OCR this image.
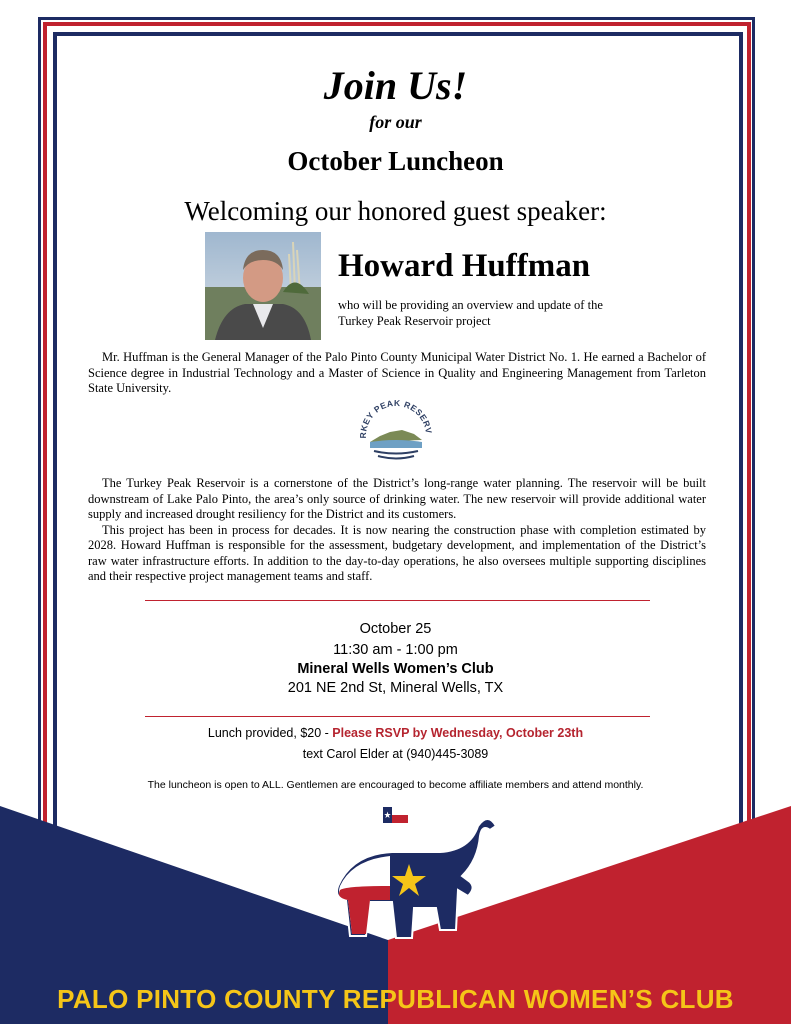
Join Us!
for our
October Luncheon
Welcoming our honored guest speaker:
Howard Huffman
who will be providing an overview and update of the
Turkey Peak Reservoir project

Mr. Huffman is the General Manager of the Palo Pinto County Municipal Water District No. 1. He earned a Bachelor of Science degree in Industrial Technology and a Master of Science in Quality and Engineering Management from Tarleton State University.

RKEY PEAK RESERV

The Turkey Peak Reservoir is a cornerstone of the District’s long-range water planning. The reservoir will be built downstream of Lake Palo Pinto, the area’s only source of drinking water. The new reservoir will provide additional water supply and increased drought resiliency for the District and its customers.

This project has been in process for decades. It is now nearing the construction phase with completion estimated by 2028. Howard Huffman is responsible for the assessment, budgetary development, and implementation of the District’s raw water infrastructure efforts. In addition to the day-to-day operations, he also oversees multiple supporting disciplines and their respective project management teams and staff.

October 25
11:30 am - 1:00 pm
Mineral Wells Women’s Club
201 NE 2nd St, Mineral Wells, TX
Lunch provided, $20 - Please RSVP by Wednesday, October 23th
text Carol Elder at (940)445-3089
The luncheon is open to ALL. Gentlemen are encouraged to become affiliate members and attend monthly.
PALO PINTO COUNTY REPUBLICAN WOMEN’S CLUB
